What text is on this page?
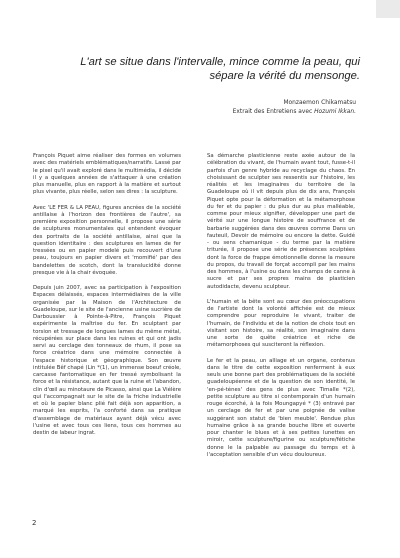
L'art se situe dans l'intervalle, mince comme la peau, qui
sépare la vérité du mensonge.
Monzaemon Chikamatsu
Extrait des Entretiens avec Hozumi Ikkan.

François Piquet aime réaliser des formes en volumes avec des matériels emblématiques/narratifs. Lassé par le pixel qu'il avait exploré dans le multimédia, il décide il y a quelques années de s'attaquer à une création plus manuelle, plus en rapport à la matière et surtout plus vivante, plus réelle, selon ses dires : la sculpture.

Avec 'LE FER & LA PEAU, figures ancrées de la société antillaise à l'horizon des frontières de l'autre', sa première exposition personnelle, il propose une série de sculptures monumentales qui entendent évoquer des portraits de la société antillaise, ainsi que la question identitaire : des sculptures en lames de fer tressées ou en papier modelé puis recouvert d'une peau, toujours en papier divers et 'momifié' par des bandelettes de scotch, dont la translucidité donne presque vie à la chair évoquée.

Depuis juin 2007, avec sa participation à l'exposition Espaces délaissés, espaces intermédiaires de la ville organisée par la Maison de l'Architecture de Guadeloupe, sur le site de l'ancienne usine sucrière de Darboussier à Pointe-à-Pitre, François Piquet expérimente la maîtrise du fer. En sculptant par torsion et tressage de longues lames du même métal, récupérées sur place dans les ruines et qui ont jadis servi au cerclage des tonneaux de rhum, il pose sa force créatrice dans une mémoire connectée à l'espace historique et géographique. Son œuvre intitulée Bêf chapé (Lin *(1), un immense boeuf créole, carcasse fantomatique en fer tressé symbolisant la force et la résistance, autant que la ruine et l'abandon, clin d'œil au minotaure de Picasso, ainsi que La Viélère qui l'accompagnait sur le site de la friche industrielle et où le papier blanc plié fait déjà son apparition, a marqué les esprits, l'a conforté dans sa pratique d'assemblage de matériaux ayant déjà vécu avec l'usine et avec tous ces liens, tous ces hommes au destin de labeur ingrat.

Sa démarche plasticienne reste axée autour de la célébration du vivant, de l'humain avant tout, fusse-t-il parfois d'un genre hybride au recyclage du chaos. En choisissant de sculpter ses ressentis sur l'histoire, les réalités et les imaginaires du territoire de la Guadeloupe où il vit depuis plus de dix ans, François Piquet opte pour la déformation et la métamorphose du fer et du papier : du plus dur au plus malléable, comme pour mieux signifier, développer une part de vérité sur une longue histoire de souffrance et de barbarie suggérées dans des œuvres comme Dans un fauteuil, Devoir de mémoire ou encore la dette. Guidé - ou sens chamanique - du terme par la matière triturée, il propose une série de présences sculptées dont la force de frappe émotionnelle donne la mesure du propos, du travail de forçat accompli par les mains des hommes, à l'usine ou dans les champs de canne à sucre et par ses propres mains de plasticien autodidacte, devenu sculpteur.

L'humain et la bête sont au cœur des préoccupations de l'artiste dont la volonté affichée est de mieux comprendre pour reproduire le vivant, traiter de l'humain, de l'individu et de la notion de choix tout en visitant son histoire, sa réalité, son imaginaire dans une sorte de quête créatrice et riche de métamorphoses qui susciteront la réflexion.

Le fer et la peau, un alliage et un organe, contenus dans le titre de cette exposition renferment à eux seuls une bonne part des problématiques de la société guadeloupéenne et de la question de son identité, le 'en-pé-ténes' des gens de plus avec Timalle *(2), petite sculpture au titre si contemporain d'un humain rouge écorché, à la fois Moungapyé * (3) entravé par un cerclage de fer et par une poignée de valise suggérant son statut de 'bien meuble'. Rendue plus humaine grâce à sa grande bouche libre et ouverte pour chanter le blues et à ses petites lunettes en miroir, cette sculpture/figurine ou sculpture/fétiche donne le la palpable au passage du temps et à l'acceptation sensible d'un vécu douloureux.

2
